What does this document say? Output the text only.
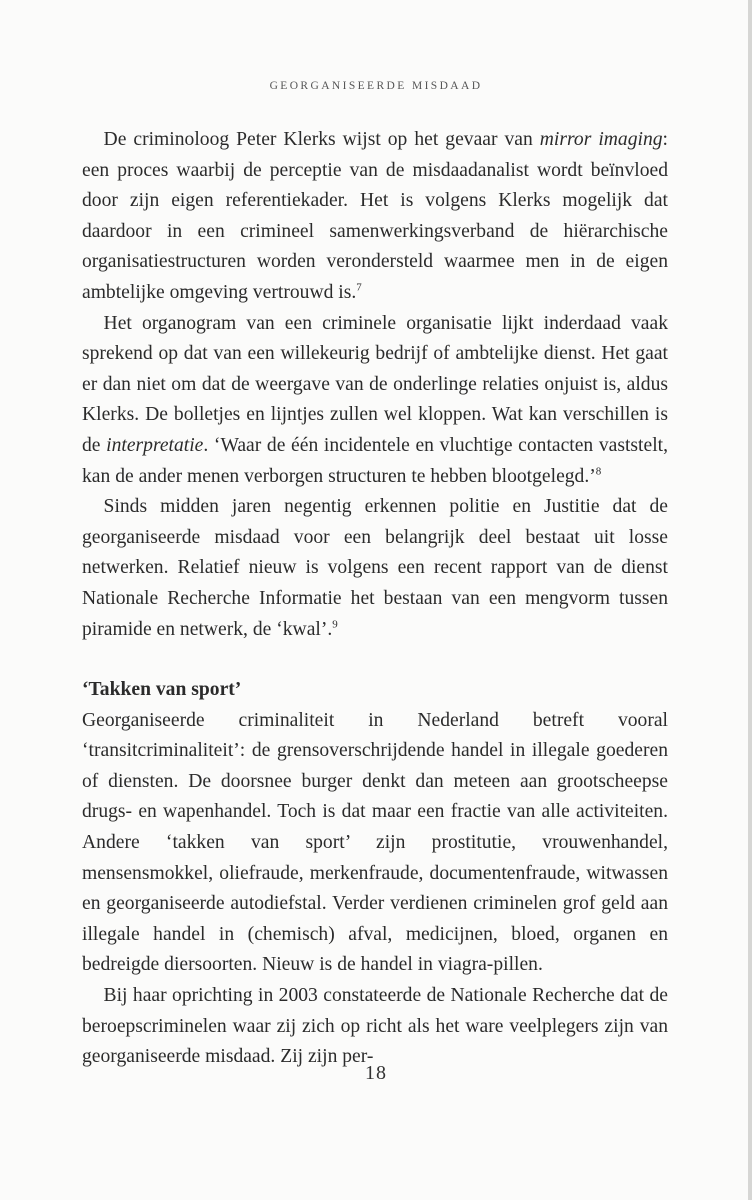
GEORGANISEERDE MISDAAD

De criminoloog Peter Klerks wijst op het gevaar van mirror imaging: een proces waarbij de perceptie van de misdaadanalist wordt beïnvloed door zijn eigen referentiekader. Het is volgens Klerks mogelijk dat daardoor in een crimineel samenwerkingsverband de hiërarchische organisatiestructuren worden verondersteld waarmee men in de eigen ambtelijke omgeving vertrouwd is.$^7$

Het organogram van een criminele organisatie lijkt inderdaad vaak sprekend op dat van een willekeurig bedrijf of ambtelijke dienst. Het gaat er dan niet om dat de weergave van de onderlinge relaties onjuist is, aldus Klerks. De bolletjes en lijntjes zullen wel kloppen. Wat kan verschillen is de interpretatie. ‘Waar de één incidentele en vluchtige contacten vaststelt, kan de ander menen verborgen structuren te hebben blootgelegd.’$^8$

Sinds midden jaren negentig erkennen politie en Justitie dat de georganiseerde misdaad voor een belangrijk deel bestaat uit losse netwerken. Relatief nieuw is volgens een recent rapport van de dienst Nationale Recherche Informatie het bestaan van een mengvorm tussen piramide en netwerk, de ‘kwal’.$^9$

‘Takken van sport’

Georganiseerde criminaliteit in Nederland betreft vooral ‘transitcriminaliteit’: de grensoverschrijdende handel in illegale goederen of diensten. De doorsnee burger denkt dan meteen aan grootscheepse drugs- en wapenhandel. Toch is dat maar een fractie van alle activiteiten. Andere ‘takken van sport’ zijn prostitutie, vrouwenhandel, mensensmokkel, oliefraude, merkenfraude, documentenfraude, witwassen en georganiseerde autodiefstal. Verder verdienen criminelen grof geld aan illegale handel in (chemisch) afval, medicijnen, bloed, organen en bedreigde diersoorten. Nieuw is de handel in viagra-pillen.

Bij haar oprichting in 2003 constateerde de Nationale Recherche dat de beroepscriminelen waar zij zich op richt als het ware veelplegers zijn van georganiseerde misdaad. Zij zijn per-

18
